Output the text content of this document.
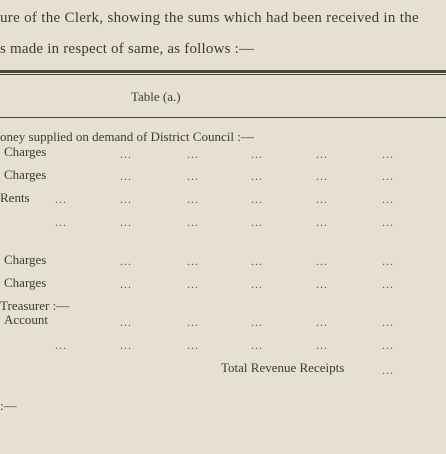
ure of the Clerk, showing the sums which had been received in the
s made in respect of same, as follows :—
Table (a.)
oney supplied on demand of District Council :—
Charges	...	...	...	...	...
Charges	...	...	...	...	...
Rents ...	...	...	...	...	...
...	...	...	...	...	...
Charges	...	...	...	...	...
Charges	...	...	...	...	...
Treasurer :—
Account	...	...	...	...	...
...	...	...	...	...	...
Total Revenue Receipts	...
:—
